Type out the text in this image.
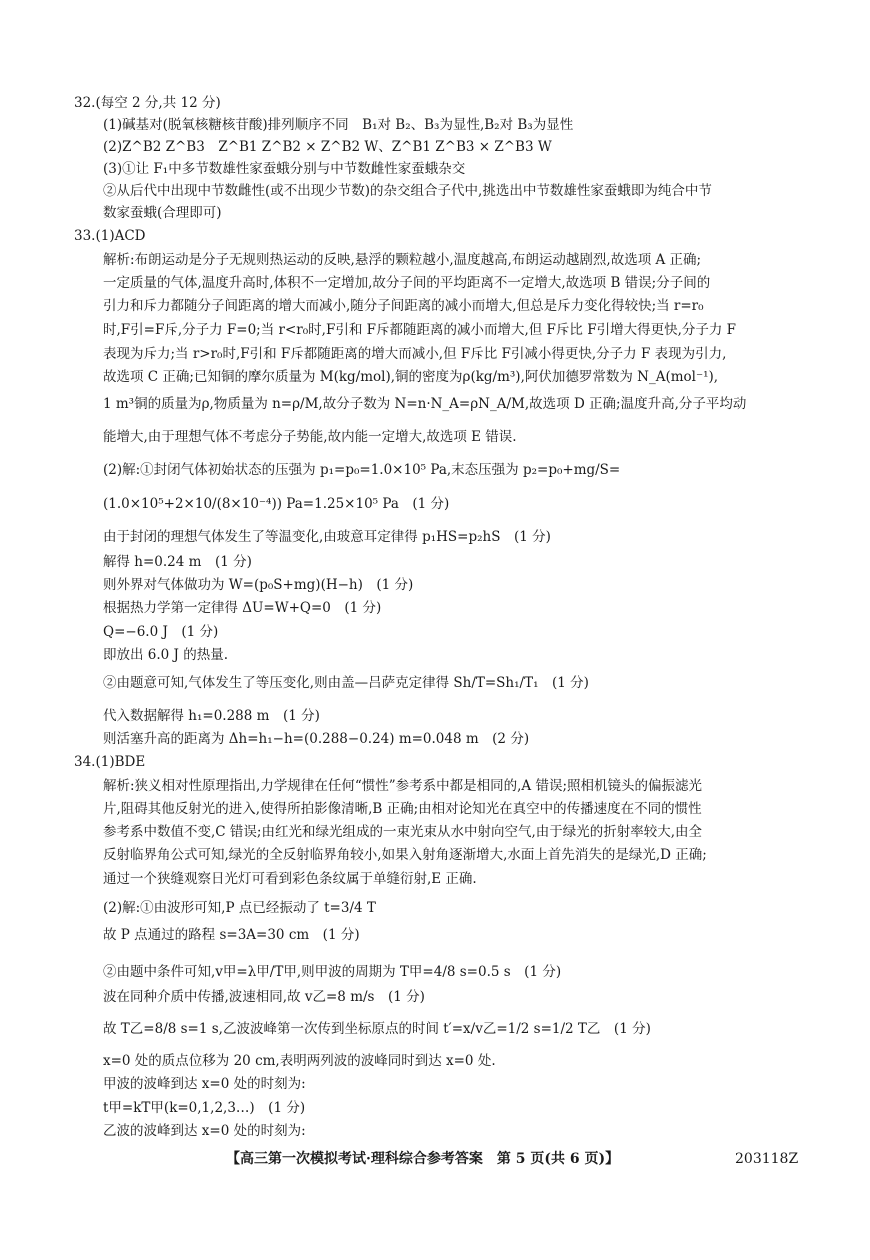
32.(每空 2 分,共 12 分)
(1)碱基对(脱氧核糖核苷酸)排列顺序不同　B₁对 B₂、B₃为显性,B₂对 B₃为显性
(2)Z^B2 Z^B3　Z^B1 Z^B2 × Z^B2 W、Z^B1 Z^B3 × Z^B3 W
(3)①让 F₁中多节数雄性家蚕蛾分别与中节数雌性家蚕蛾杂交
②从后代中出现中节数雌性(或不出现少节数)的杂交组合子代中,挑选出中节数雄性家蚕蛾即为纯合中节
数家蚕蛾(合理即可)
33.(1)ACD
解析:布朗运动是分子无规则热运动的反映,悬浮的颗粒越小,温度越高,布朗运动越剧烈,故选项 A 正确;
一定质量的气体,温度升高时,体积不一定增加,故分子间的平均距离不一定增大,故选项 B 错误;分子间的
引力和斥力都随分子间距离的增大而减小,随分子间距离的减小而增大,但总是斥力变化得较快;当 r=r₀
时,F引=F斥,分子力 F=0;当 r<r₀时,F引和 F斥都随距离的减小而增大,但 F斥比 F引增大得更快,分子力 F
表现为斥力;当 r>r₀时,F引和 F斥都随距离的增大而减小,但 F斥比 F引减小得更快,分子力 F 表现为引力,
故选项 C 正确;已知铜的摩尔质量为 M(kg/mol),铜的密度为ρ(kg/m³),阿伏加德罗常数为 N_A(mol⁻¹),
1 m³铜的质量为ρ,物质量为 n=ρ/M,故分子数为 N=n·N_A=ρN_A/M,故选项 D 正确;温度升高,分子平均动
能增大,由于理想气体不考虑分子势能,故内能一定增大,故选项 E 错误.
(2)解:①封闭气体初始状态的压强为 p₁=p₀=1.0×10⁵ Pa,末态压强为 p₂=p₀+mg/S=
(1.0×10⁵+2×10/(8×10⁻⁴)) Pa=1.25×10⁵ Pa　(1 分)
由于封闭的理想气体发生了等温变化,由玻意耳定律得 p₁HS=p₂hS　(1 分)
解得 h=0.24 m　(1 分)
则外界对气体做功为 W=(p₀S+mg)(H−h)　(1 分)
根据热力学第一定律得 ΔU=W+Q=0　(1 分)
Q=−6.0 J　(1 分)
即放出 6.0 J 的热量.
②由题意可知,气体发生了等压变化,则由盖—吕萨克定律得 Sh/T=Sh₁/T₁　(1 分)
代入数据解得 h₁=0.288 m　(1 分)
则活塞升高的距离为 Δh=h₁−h=(0.288−0.24) m=0.048 m　(2 分)
34.(1)BDE
解析:狭义相对性原理指出,力学规律在任何“惯性”参考系中都是相同的,A 错误;照相机镜头的偏振滤光
片,阻碍其他反射光的进入,使得所拍影像清晰,B 正确;由相对论知光在真空中的传播速度在不同的惯性
参考系中数值不变,C 错误;由红光和绿光组成的一束光束从水中射向空气,由于绿光的折射率较大,由全
反射临界角公式可知,绿光的全反射临界角较小,如果入射角逐渐增大,水面上首先消失的是绿光,D 正确;
通过一个狭缝观察日光灯可看到彩色条纹属于单缝衍射,E 正确.
(2)解:①由波形可知,P 点已经振动了 t=3/4 T
故 P 点通过的路程 s=3A=30 cm　(1 分)
②由题中条件可知,v甲=λ甲/T甲,则甲波的周期为 T甲=4/8 s=0.5 s　(1 分)
波在同种介质中传播,波速相同,故 v乙=8 m/s　(1 分)
故 T乙=8/8 s=1 s,乙波波峰第一次传到坐标原点的时间 t′=x/v乙=1/2 s=1/2 T乙　(1 分)
x=0 处的质点位移为 20 cm,表明两列波的波峰同时到达 x=0 处.
甲波的波峰到达 x=0 处的时刻为:
t甲=kT甲(k=0,1,2,3…)　(1 分)
乙波的波峰到达 x=0 处的时刻为:
【高三第一次模拟考试·理科综合参考答案　第 5 页(共 6 页)】	203118Z
